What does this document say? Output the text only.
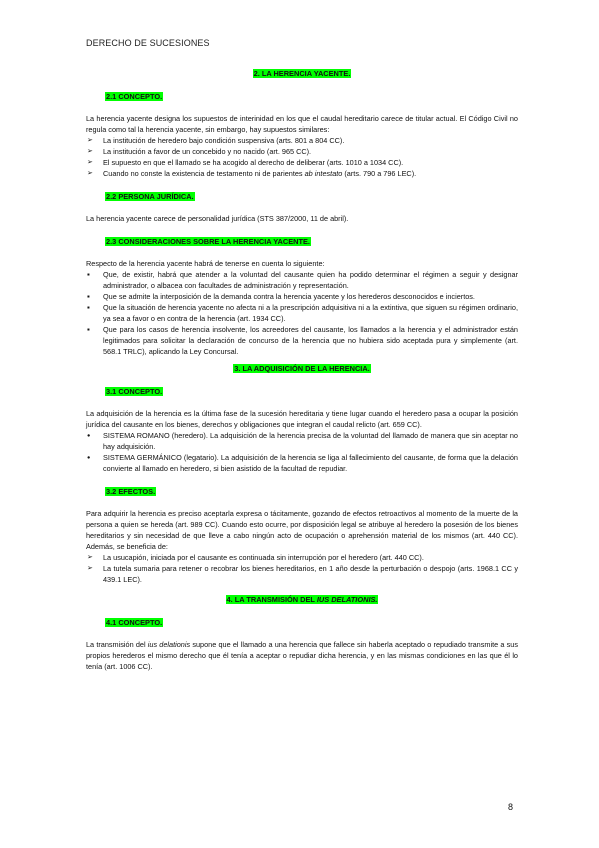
DERECHO DE SUCESIONES
2. LA HERENCIA YACENTE.
2.1 CONCEPTO.

La herencia yacente designa los supuestos de interinidad en los que el caudal hereditario carece de titular actual. El Código Civil no regula como tal la herencia yacente, sin embargo, hay supuestos similares:

➢
La institución de heredero bajo condición suspensiva (arts. 801 a 804 CC).
➢
La institución a favor de un concebido y no nacido (art. 965 CC).
➢
El supuesto en que el llamado se ha acogido al derecho de deliberar (arts. 1010 a 1034 CC).
➢
Cuando no conste la existencia de testamento ni de parientes ab intestato (arts. 790 a 796 LEC).
2.2 PERSONA JURÍDICA.

La herencia yacente carece de personalidad jurídica (STS 387/2000, 11 de abril).

2.3 CONSIDERACIONES SOBRE LA HERENCIA YACENTE.

Respecto de la herencia yacente habrá de tenerse en cuenta lo siguiente:

▪
Que, de existir, habrá que atender a la voluntad del causante quien ha podido determinar el régimen a seguir y designar administrador, o albacea con facultades de administración y representación.
▪
Que se admite la interposición de la demanda contra la herencia yacente y los herederos desconocidos e inciertos.
▪
Que la situación de herencia yacente no afecta ni a la prescripción adquisitiva ni a la extintiva, que siguen su régimen ordinario, ya sea a favor o en contra de la herencia (art. 1934 CC).
▪
Que para los casos de herencia insolvente, los acreedores del causante, los llamados a la herencia y el administrador están legitimados para solicitar la declaración de concurso de la herencia que no hubiera sido aceptada pura y simplemente (art. 568.1 TRLC), aplicando la Ley Concursal.
3. LA ADQUISICIÓN DE LA HERENCIA.
3.1 CONCEPTO.

La adquisición de la herencia es la última fase de la sucesión hereditaria y tiene lugar cuando el heredero pasa a ocupar la posición jurídica del causante en los bienes, derechos y obligaciones que integran el caudal relicto (art. 659 CC).

●
SISTEMA ROMANO (heredero). La adquisición de la herencia precisa de la voluntad del llamado de manera que sin aceptar no hay adquisición.
●
SISTEMA GERMÁNICO (legatario). La adquisición de la herencia se liga al fallecimiento del causante, de forma que la delación convierte al llamado en heredero, si bien asistido de la facultad de repudiar.
3.2 EFECTOS.

Para adquirir la herencia es preciso aceptarla expresa o tácitamente, gozando de efectos retroactivos al momento de la muerte de la persona a quien se hereda (art. 989 CC). Cuando esto ocurre, por disposición legal se atribuye al heredero la posesión de los bienes hereditarios y sin necesidad de que lleve a cabo ningún acto de ocupación o aprehensión material de los mismos (art. 440 CC). Además, se beneficia de:

➢
La usucapión, iniciada por el causante es continuada sin interrupción por el heredero (art. 440 CC).
➢
La tutela sumaria para retener o recobrar los bienes hereditarios, en 1 año desde la perturbación o despojo (arts. 1968.1 CC y 439.1 LEC).
4. LA TRANSMISIÓN DEL IUS DELATIONIS.
4.1 CONCEPTO.

La transmisión del ius delationis supone que el llamado a una herencia que fallece sin haberla aceptado o repudiado transmite a sus propios herederos el mismo derecho que él tenía a aceptar o repudiar dicha herencia, y en las mismas condiciones en las que él lo tenía (art. 1006 CC).

8
